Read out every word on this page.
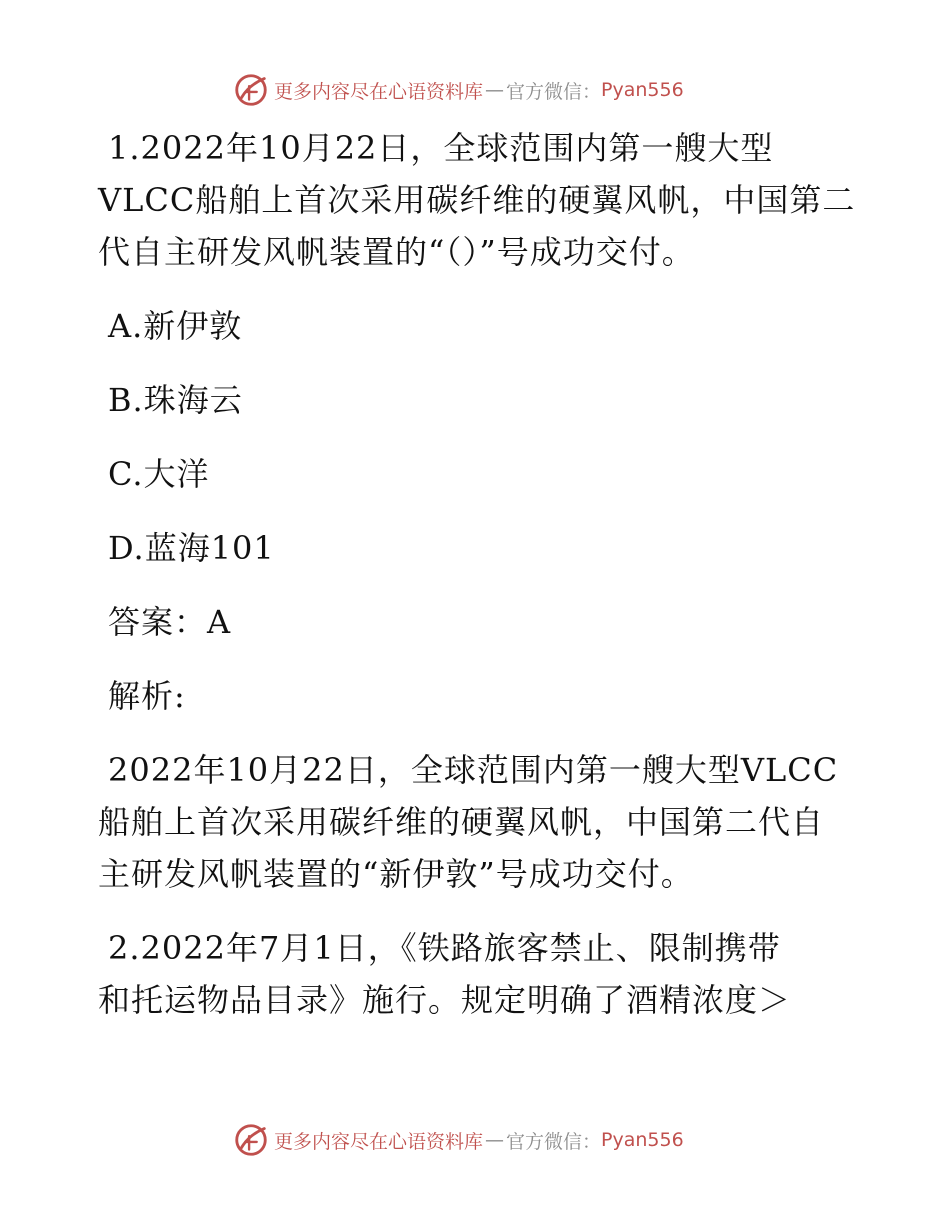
更多内容尽在心语资料库 — 官方微信： Pyan556
1.2022年10月22日，全球范围内第一艘大型
VLCC船舶上首次采用碳纤维的硬翼风帆，中国第二
代自主研发风帆装置的“（）”号成功交付。
A.新伊敦
B.珠海云
C.大洋
D.蓝海101
答案：A
解析:
2022年10月22日，全球范围内第一艘大型VLCC
船舶上首次采用碳纤维的硬翼风帆，中国第二代自
主研发风帆装置的“新伊敦”号成功交付。
2.2022年7月1日，《铁路旅客禁止、限制携带
和托运物品目录》施行。规定明确了酒精浓度＞
更多内容尽在心语资料库 — 官方微信： Pyan556
